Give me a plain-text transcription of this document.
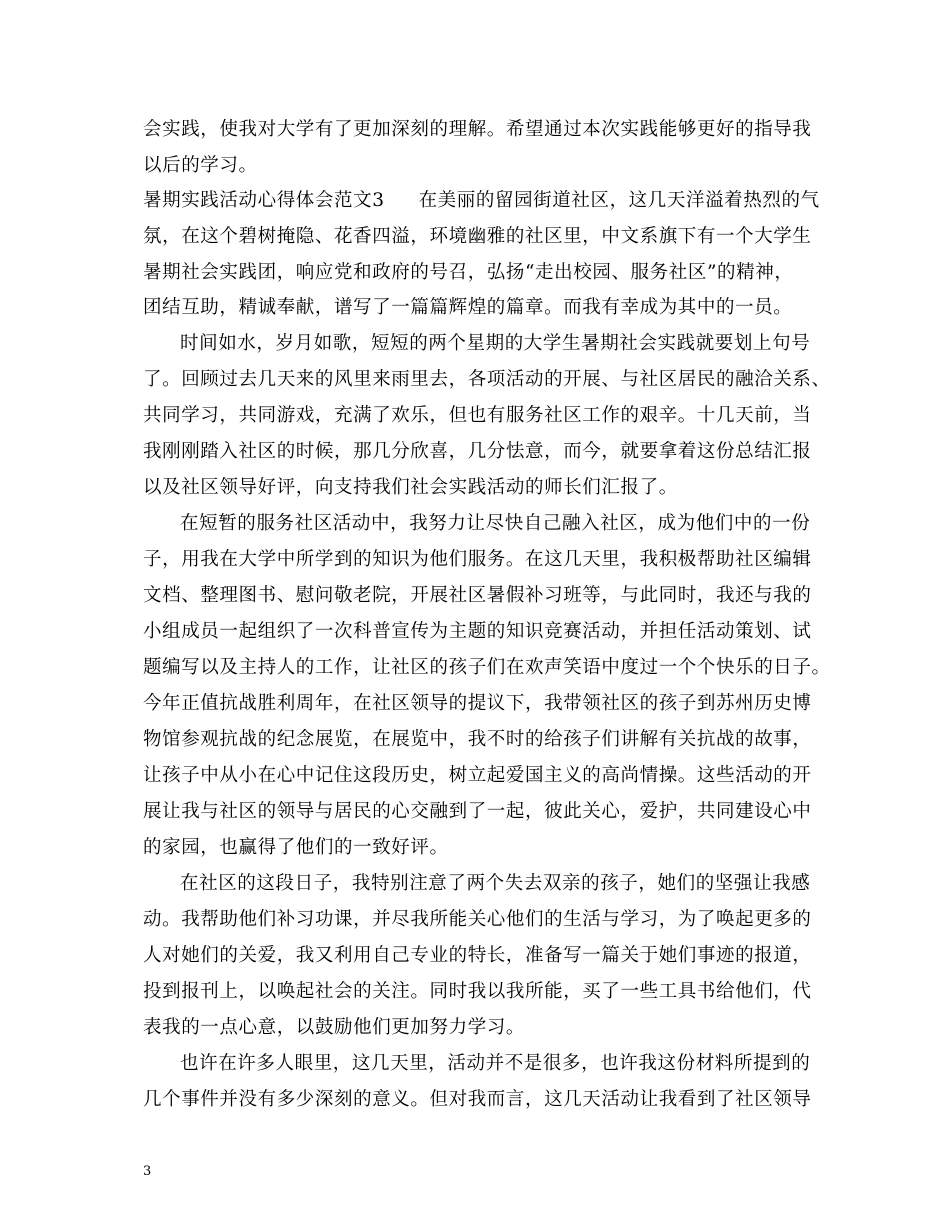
会实践，使我对大学有了更加深刻的理解。希望通过本次实践能够更好的指导我
以后的学习。
暑期实践活动心得体会范文3 在美丽的留园街道社区，这几天洋溢着热烈的气
氛，在这个碧树掩隐、花香四溢，环境幽雅的社区里，中文系旗下有一个大学生
暑期社会实践团，响应党和政府的号召，弘扬“走出校园、服务社区”的精神，
团结互助，精诚奉献，谱写了一篇篇辉煌的篇章。而我有幸成为其中的一员。
时间如水，岁月如歌，短短的两个星期的大学生暑期社会实践就要划上句号
了。回顾过去几天来的风里来雨里去，各项活动的开展、与社区居民的融洽关系、
共同学习，共同游戏，充满了欢乐，但也有服务社区工作的艰辛。十几天前，当
我刚刚踏入社区的时候，那几分欣喜，几分怯意，而今，就要拿着这份总结汇报
以及社区领导好评，向支持我们社会实践活动的师长们汇报了。
在短暂的服务社区活动中，我努力让尽快自己融入社区，成为他们中的一份
子，用我在大学中所学到的知识为他们服务。在这几天里，我积极帮助社区编辑
文档、整理图书、慰问敬老院，开展社区暑假补习班等，与此同时，我还与我的
小组成员一起组织了一次科普宣传为主题的知识竞赛活动，并担任活动策划、试
题编写以及主持人的工作，让社区的孩子们在欢声笑语中度过一个个快乐的日子。
今年正值抗战胜利周年，在社区领导的提议下，我带领社区的孩子到苏州历史博
物馆参观抗战的纪念展览，在展览中，我不时的给孩子们讲解有关抗战的故事，
让孩子中从小在心中记住这段历史，树立起爱国主义的高尚情操。这些活动的开
展让我与社区的领导与居民的心交融到了一起，彼此关心，爱护，共同建设心中
的家园，也赢得了他们的一致好评。
在社区的这段日子，我特别注意了两个失去双亲的孩子，她们的坚强让我感
动。我帮助他们补习功课，并尽我所能关心他们的生活与学习，为了唤起更多的
人对她们的关爱，我又利用自己专业的特长，准备写一篇关于她们事迹的报道，
投到报刊上，以唤起社会的关注。同时我以我所能，买了一些工具书给他们，代
表我的一点心意，以鼓励他们更加努力学习。
也许在许多人眼里，这几天里，活动并不是很多，也许我这份材料所提到的
几个事件并没有多少深刻的意义。但对我而言，这几天活动让我看到了社区领导
3
